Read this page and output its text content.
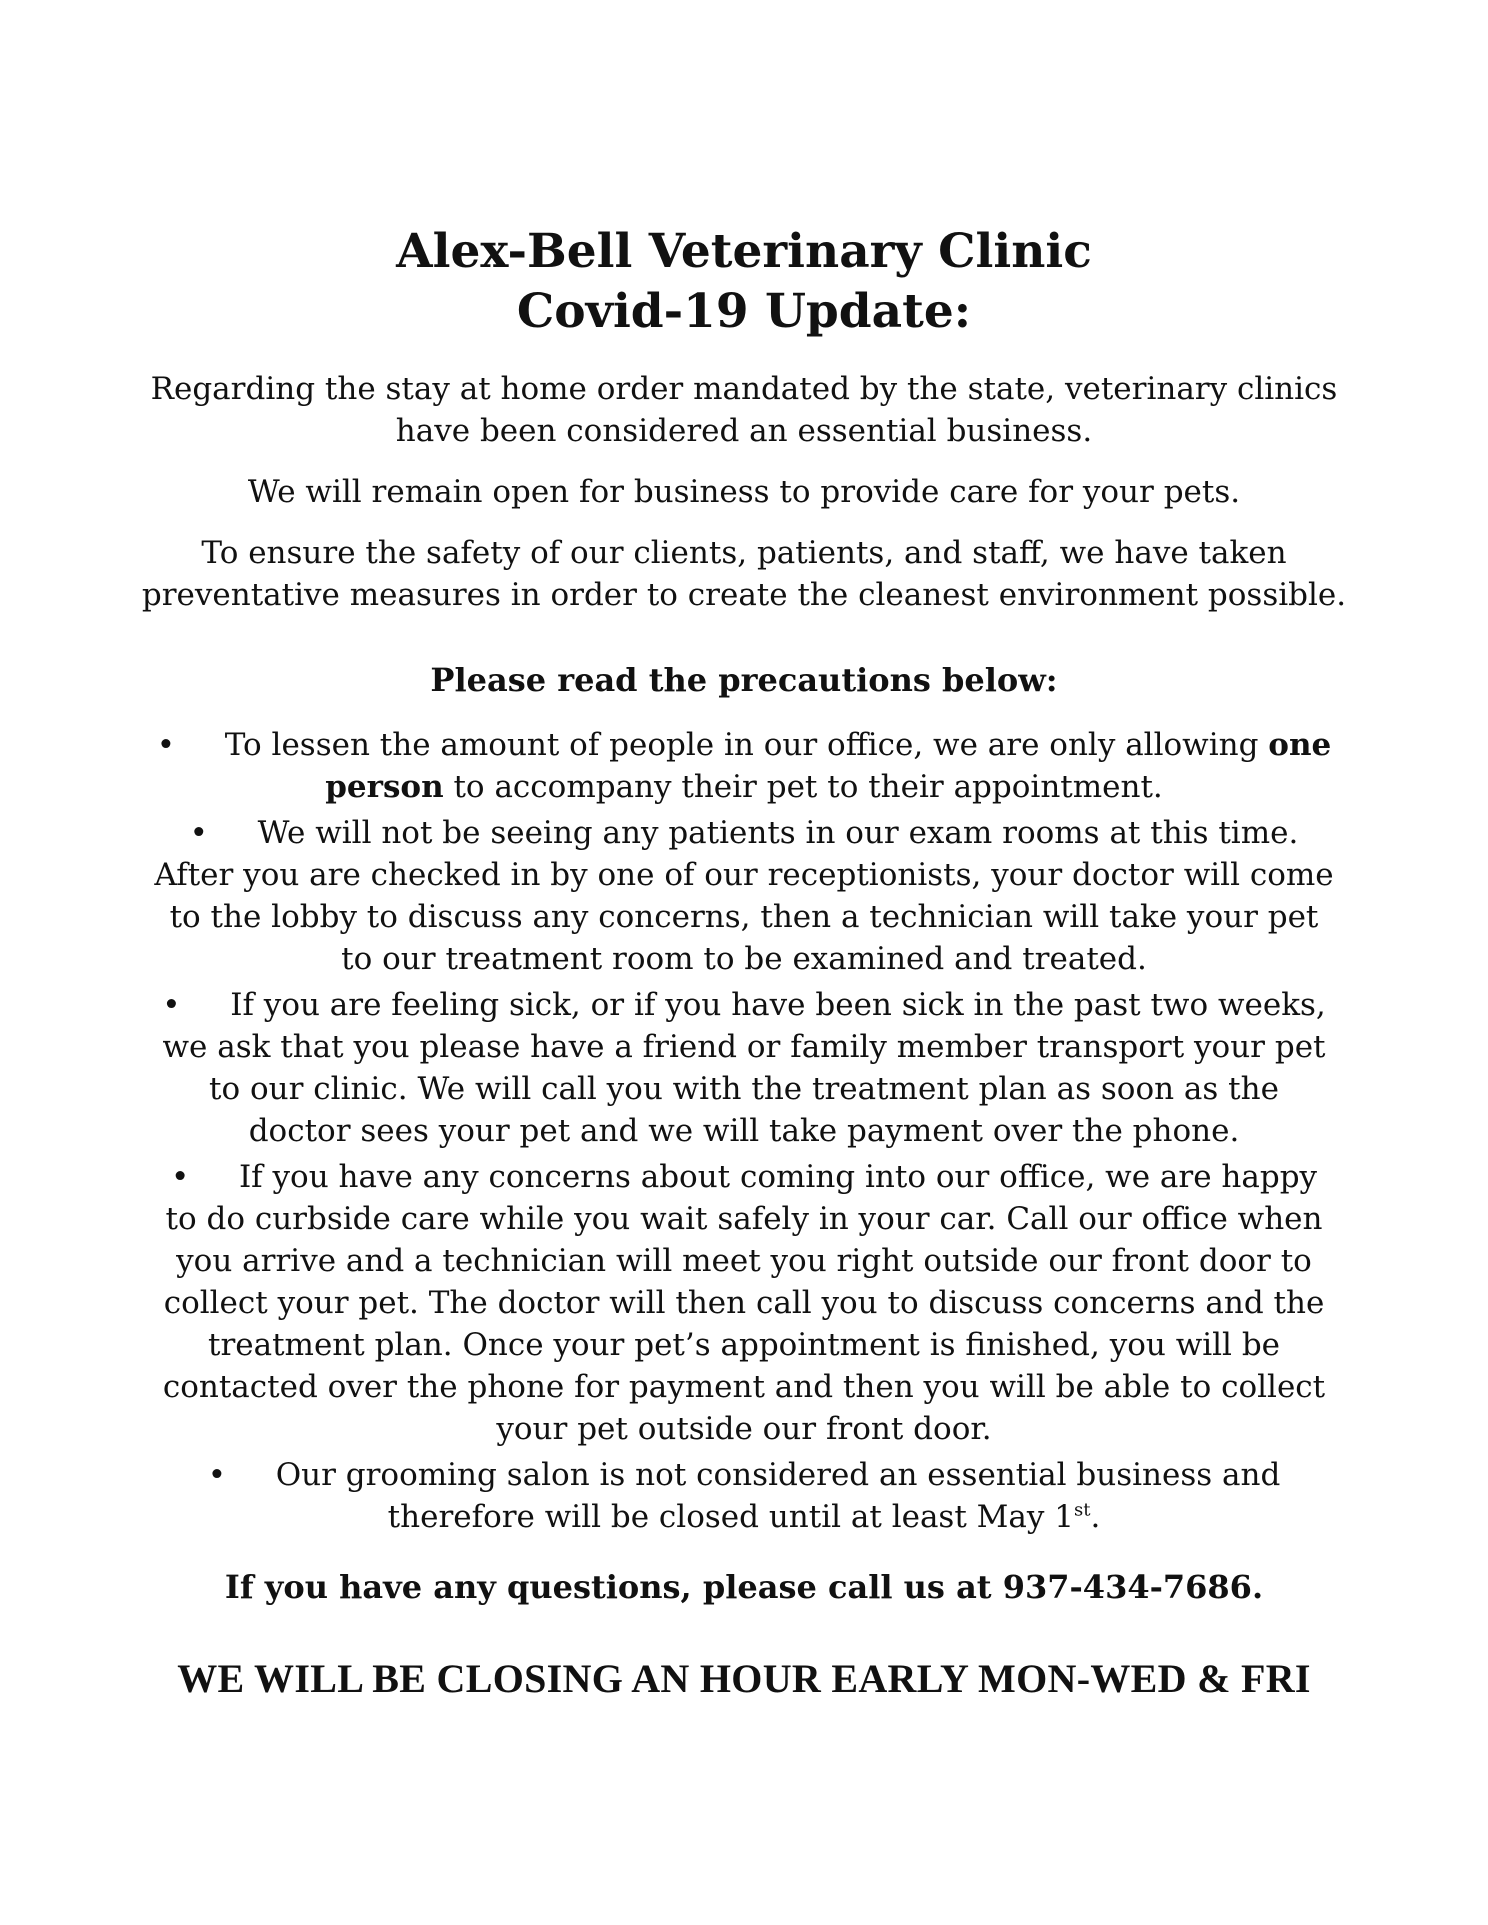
Alex-Bell Veterinary Clinic
Covid-19 Update:

Regarding the stay at home order mandated by the state, veterinary clinics have been considered an essential business.

We will remain open for business to provide care for your pets.

To ensure the safety of our clients, patients, and staff, we have taken preventative measures in order to create the cleanest environment possible.

Please read the precautions below:
• To lessen the amount of people in our office, we are only allowing one person to accompany their pet to their appointment.
• We will not be seeing any patients in our exam rooms at this time. After you are checked in by one of our receptionists, your doctor will come to the lobby to discuss any concerns, then a technician will take your pet to our treatment room to be examined and treated.
• If you are feeling sick, or if you have been sick in the past two weeks, we ask that you please have a friend or family member transport your pet to our clinic. We will call you with the treatment plan as soon as the doctor sees your pet and we will take payment over the phone.
• If you have any concerns about coming into our office, we are happy to do curbside care while you wait safely in your car. Call our office when you arrive and a technician will meet you right outside our front door to collect your pet. The doctor will then call you to discuss concerns and the treatment plan. Once your pet’s appointment is finished, you will be contacted over the phone for payment and then you will be able to collect your pet outside our front door.
• Our grooming salon is not considered an essential business and therefore will be closed until at least May 1st.

If you have any questions, please call us at 937-434-7686.

WE WILL BE CLOSING AN HOUR EARLY MON-WED & FRI
